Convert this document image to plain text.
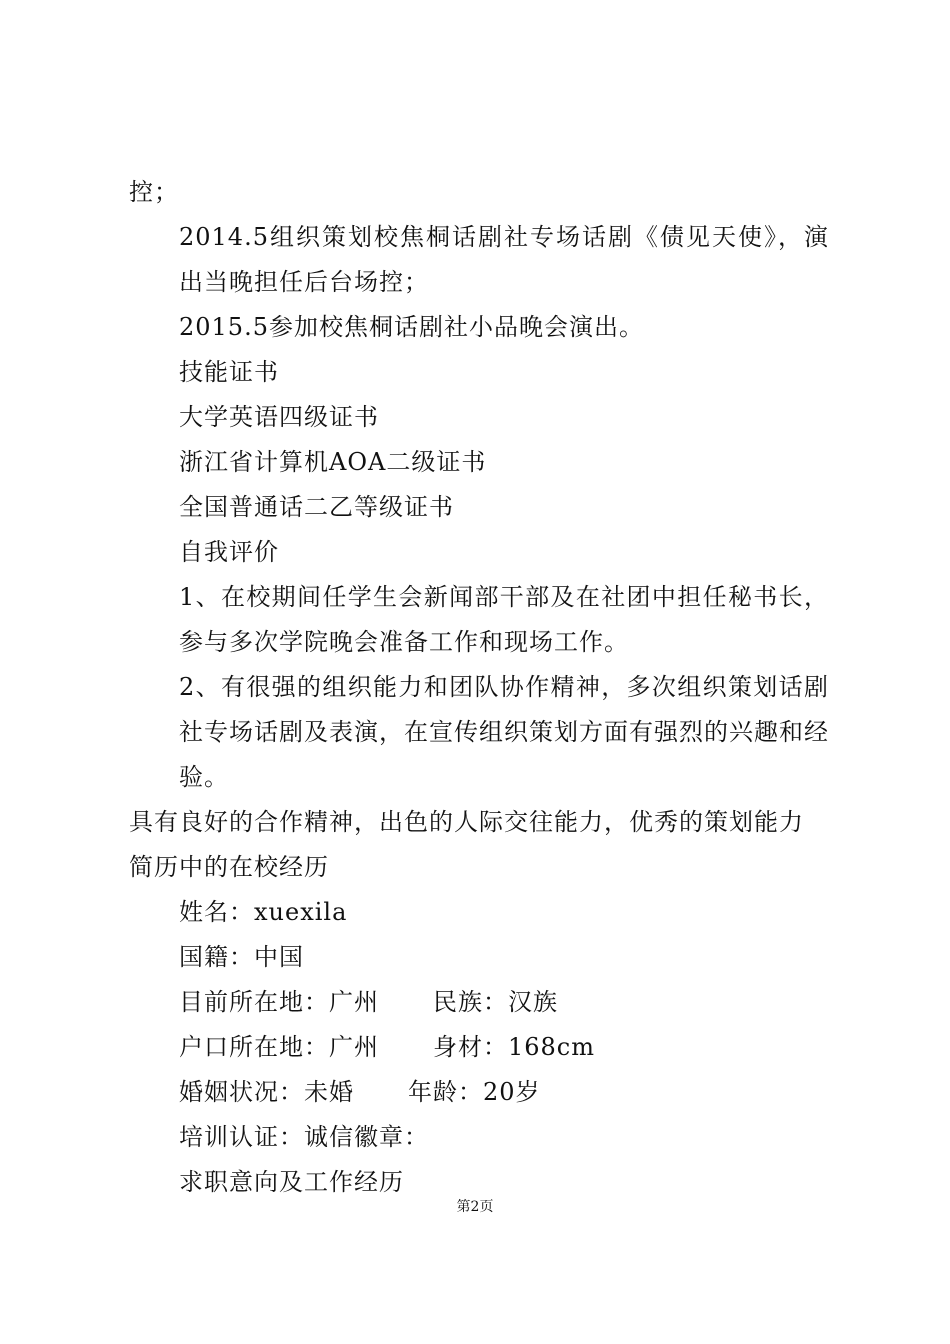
控；

2014.5组织策划校焦桐话剧社专场话剧《债见天使》，演出当晚担任后台场控；

2015.5参加校焦桐话剧社小品晚会演出。

技能证书

大学英语四级证书

浙江省计算机AOA二级证书

全国普通话二乙等级证书

自我评价

1、在校期间任学生会新闻部干部及在社团中担任秘书长，参与多次学院晚会准备工作和现场工作。

2、有很强的组织能力和团队协作精神，多次组织策划话剧社专场话剧及表演，在宣传组织策划方面有强烈的兴趣和经验。

具有良好的合作精神，出色的人际交往能力，优秀的策划能力

简历中的在校经历

姓名：xuexila

国籍：中国

目前所在地：广州 民族：汉族

户口所在地：广州 身材：168cm

婚姻状况：未婚 年龄：20岁

培训认证：诚信徽章：

求职意向及工作经历

第2页
